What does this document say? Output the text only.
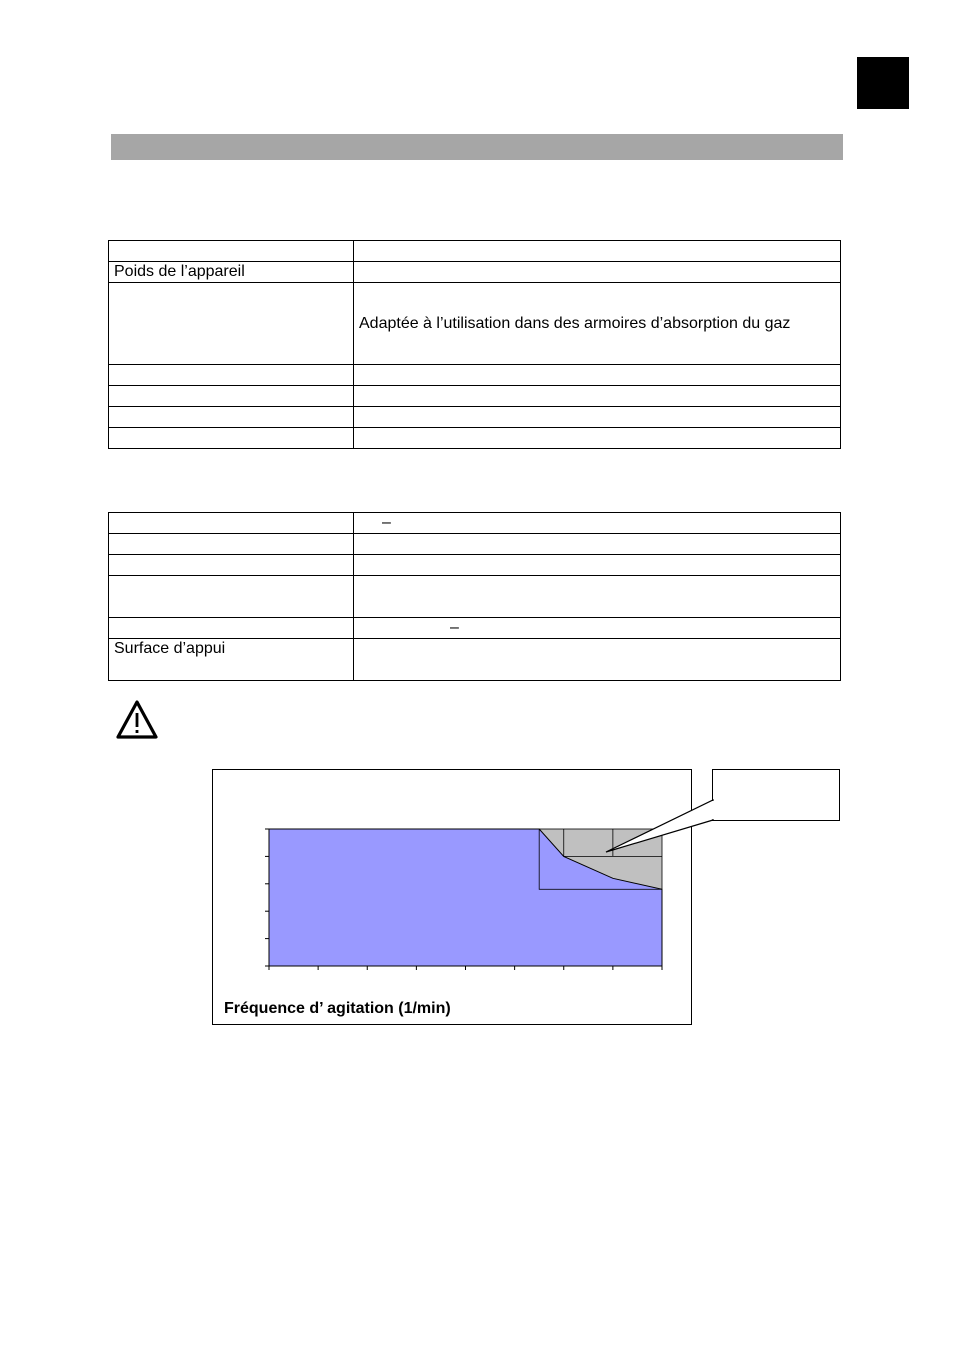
Poids de l’appareil	
	Adaptée à l’utilisation dans des armoires d’absorption du gaz

	–

	–
Surface d’appui	
Fréquence d’ agitation (1/min)
